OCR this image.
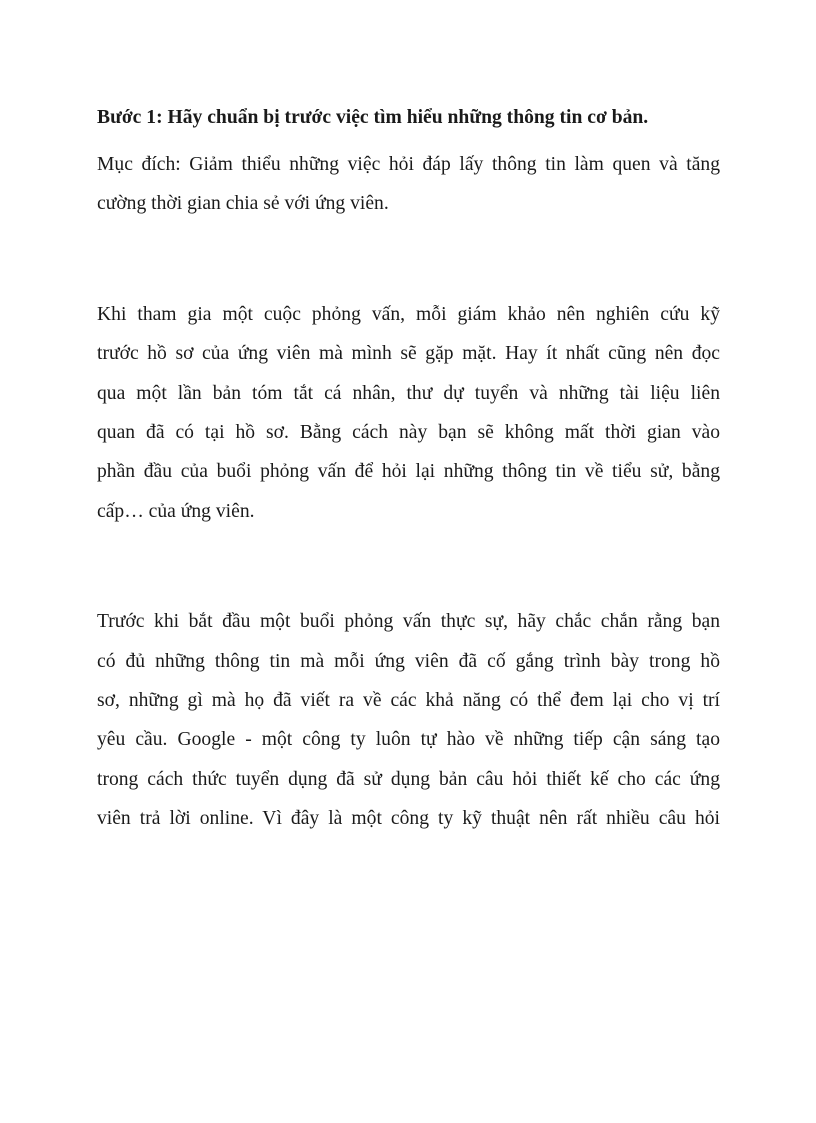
Bước 1: Hãy chuẩn bị trước việc tìm hiểu những thông tin cơ bản.

Mục đích: Giảm thiểu những việc hỏi đáp lấy thông tin làm quen và tăng
cường thời gian chia sẻ với ứng viên.
Khi tham gia một cuộc phỏng vấn, mỗi giám khảo nên nghiên cứu kỹ
trước hồ sơ của ứng viên mà mình sẽ gặp mặt. Hay ít nhất cũng nên đọc
qua một lần bản tóm tắt cá nhân, thư dự tuyển và những tài liệu liên
quan đã có tại hồ sơ. Bằng cách này bạn sẽ không mất thời gian vào
phần đầu của buổi phỏng vấn để hỏi lại những thông tin về tiểu sử, bằng
cấp… của ứng viên.
Trước khi bắt đầu một buổi phỏng vấn thực sự, hãy chắc chắn rằng bạn
có đủ những thông tin mà mỗi ứng viên đã cố gắng trình bày trong hồ
sơ, những gì mà họ đã viết ra về các khả năng có thể đem lại cho vị trí
yêu cầu. Google - một công ty luôn tự hào về những tiếp cận sáng tạo
trong cách thức tuyển dụng đã sử dụng bản câu hỏi thiết kế cho các ứng
viên trả lời online. Vì đây là một công ty kỹ thuật nên rất nhiều câu hỏi
